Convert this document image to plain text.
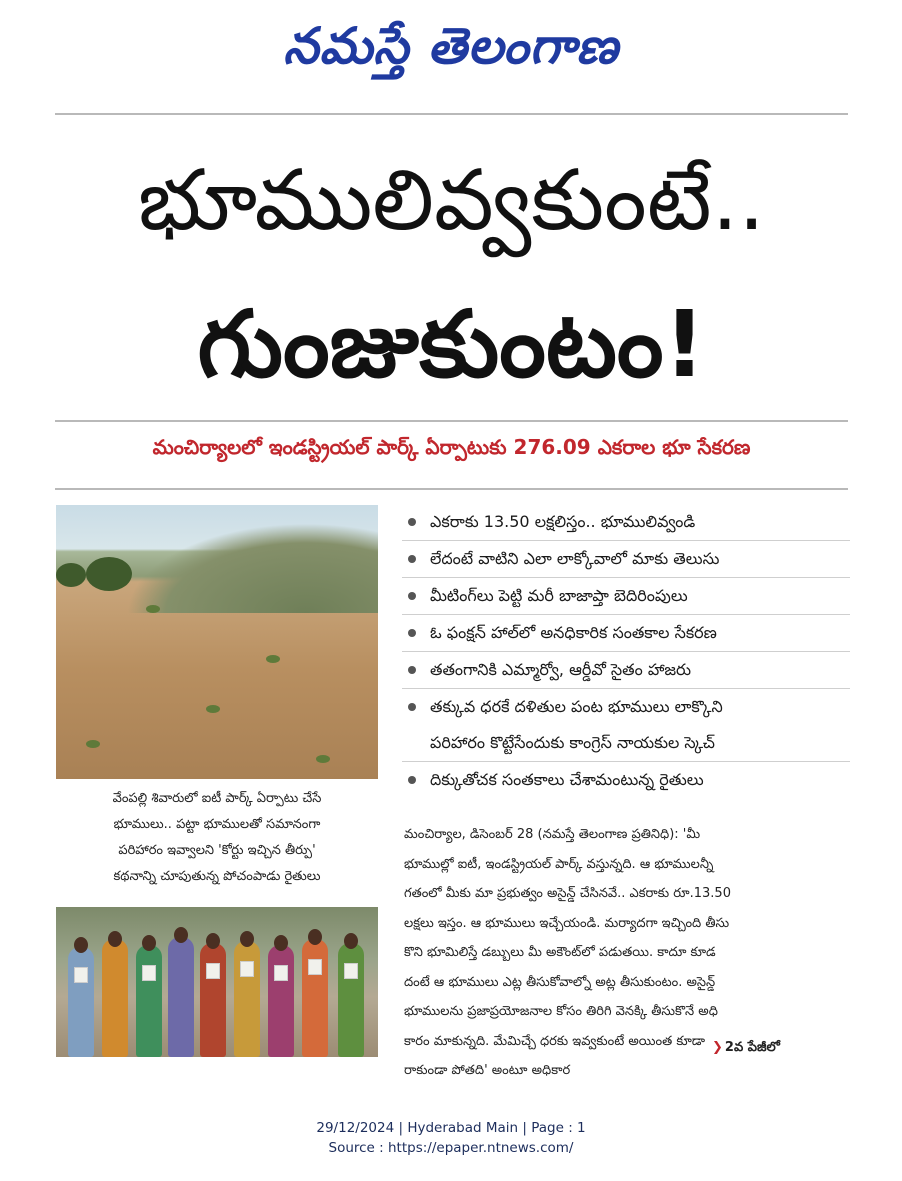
నమస్తే తెలంగాణ
భూములివ్వకుంటే..
గుంజుకుంటం!
మంచిర్యాలలో ఇండస్ట్రియల్ పార్క్ ఏర్పాటుకు 276.09 ఎకరాల భూ సేకరణ
వేంపల్లి శివారులో ఐటీ పార్క్ ఏర్పాటు చేసే
భూములు.. పట్టా భూములతో సమానంగా
పరిహారం ఇవ్వాలని 'కోర్టు ఇచ్చిన తీర్పు'
కథనాన్ని చూపుతున్న పోచంపాడు రైతులు
ఎకరాకు 13.50 లక్షలిస్తం.. భూములివ్వండి
లేదంటే వాటిని ఎలా లాక్కోవాలో మాకు తెలుసు
మీటింగ్‌లు పెట్టి మరీ బాజాప్తా బెదిరింపులు
ఓ ఫంక్షన్ హాల్‌లో అనధికారిక సంతకాల సేకరణ
తతంగానికి ఎమ్మార్వో, ఆర్డీవో సైతం హాజరు
తక్కువ ధరకే దళితుల పంట భూములు లాక్కొని
పరిహారం కొట్టేసేందుకు కాంగ్రెస్ నాయకుల స్కెచ్
దిక్కుతోచక సంతకాలు చేశామంటున్న రైతులు

మంచిర్యాల, డిసెంబర్ 28 (నమస్తే తెలంగాణ ప్రతినిధి): 'మీ

భూముల్లో ఐటీ, ఇండస్ట్రియల్ పార్క్ వస్తున్నది. ఆ భూములన్నీ

గతంలో మీకు మా ప్రభుత్వం అసైన్డ్ చేసినవే.. ఎకరాకు రూ.13.50

లక్షలు ఇస్తం. ఆ భూములు ఇచ్చేయండి. మర్యాదగా ఇచ్చింది తీసు

కొని భూమిలిస్తే డబ్బులు మీ అకౌంట్‌లో పడుతయి. కాదూ కూడ

దంటే ఆ భూములు ఎట్ల తీసుకోవాల్నో అట్ల తీసుకుంటం. అసైన్డ్

భూములను ప్రజాప్రయోజనాల కోసం తిరిగి వెనక్కి తీసుకొనే అధి

కారం మాకున్నది. మేమిచ్చే ధరకు ఇవ్వకుంటే అయింత కూడా

రాకుండా పోతది' అంటూ అధికార

❯ 2వ పేజీలో
29/12/2024 | Hyderabad Main | Page : 1
Source : https://epaper.ntnews.com/
